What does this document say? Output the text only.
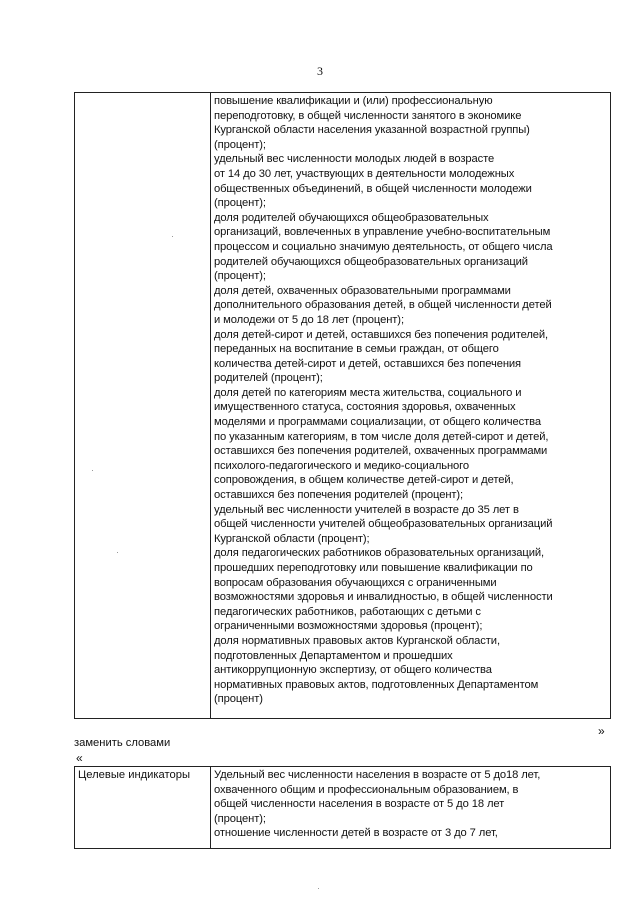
3

повышение квалификации и (или) профессиональную
переподготовку, в общей численности занятого в экономике
Курганской области населения указанной возрастной группы)
(процент);
удельный вес численности молодых людей в возрасте
от 14 до 30 лет, участвующих в деятельности молодежных
общественных объединений, в общей численности молодежи
(процент);
доля родителей обучающихся общеобразовательных
организаций, вовлеченных в управление учебно-воспитательным
процессом и социально значимую деятельность, от общего числа
родителей обучающихся общеобразовательных организаций
(процент);
доля детей, охваченных образовательными программами
дополнительного образования детей, в общей численности детей
и молодежи от 5 до 18 лет (процент);
доля детей-сирот и детей, оставшихся без попечения родителей,
переданных на воспитание в семьи граждан, от общего
количества детей-сирот и детей, оставшихся без попечения
родителей (процент);
доля детей по категориям места жительства, социального и
имущественного статуса, состояния здоровья, охваченных
моделями и программами социализации, от общего количества
по указанным категориям, в том числе доля детей-сирот и детей,
оставшихся без попечения родителей, охваченных программами
психолого-педагогического и медико-социального
сопровождения, в общем количестве детей-сирот и детей,
оставшихся без попечения родителей (процент);
удельный вес численности учителей в возрасте до 35 лет в
общей численности учителей общеобразовательных организаций
Курганской области (процент);
доля педагогических работников образовательных организаций,
прошедших переподготовку или повышение квалификации по
вопросам образования обучающихся с ограниченными
возможностями здоровья и инвалидностью, в общей численности
педагогических работников, работающих с детьми с
ограниченными возможностями здоровья (процент);
доля нормативных правовых актов Курганской области,
подготовленных Департаментом и прошедших
антикоррупционную экспертизу, от общего количества
нормативных правовых актов, подготовленных Департаментом
(процент)
»
заменить словами
«
Целевые индикаторы	Удельный вес численности населения в возрасте от 5 до18 лет,
охваченного общим и профессиональным образованием, в
общей численности населения в возрасте от 5 до 18 лет
(процент);
отношение численности детей в возрасте от 3 до 7 лет,
